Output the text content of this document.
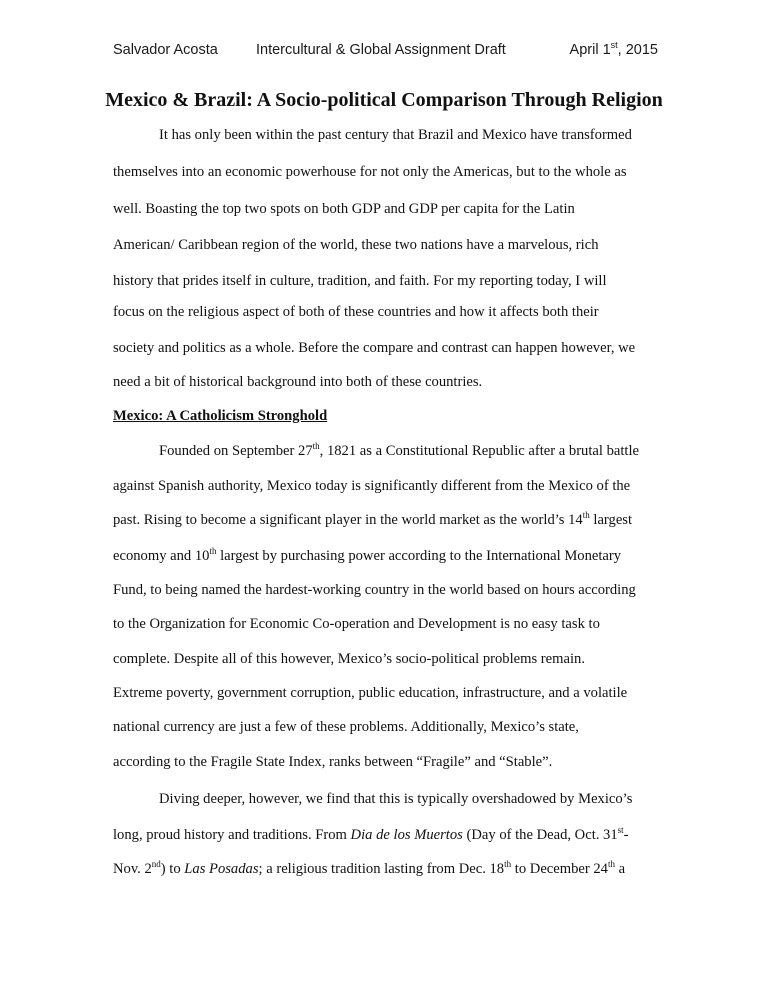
Salvador Acosta	Intercultural & Global Assignment Draft	April 1st, 2015
Mexico & Brazil: A Socio-political Comparison Through Religion
It has only been within the past century that Brazil and Mexico have transformed
themselves into an economic powerhouse for not only the Americas, but to the whole as
well. Boasting the top two spots on both GDP and GDP per capita for the Latin
American/ Caribbean region of the world, these two nations have a marvelous, rich
history that prides itself in culture, tradition, and faith. For my reporting today, I will
focus on the religious aspect of both of these countries and how it affects both their
society and politics as a whole. Before the compare and contrast can happen however, we
need a bit of historical background into both of these countries.
Mexico: A Catholicism Stronghold
Founded on September 27th, 1821 as a Constitutional Republic after a brutal battle
against Spanish authority, Mexico today is significantly different from the Mexico of the
past. Rising to become a significant player in the world market as the world’s 14th largest
economy and 10th largest by purchasing power according to the International Monetary
Fund, to being named the hardest-working country in the world based on hours according
to the Organization for Economic Co-operation and Development is no easy task to
complete. Despite all of this however, Mexico’s socio-political problems remain.
Extreme poverty, government corruption, public education, infrastructure, and a volatile
national currency are just a few of these problems. Additionally, Mexico’s state,
according to the Fragile State Index, ranks between “Fragile” and “Stable”.
Diving deeper, however, we find that this is typically overshadowed by Mexico’s
long, proud history and traditions. From Dia de los Muertos (Day of the Dead, Oct. 31st-
Nov. 2nd) to Las Posadas; a religious tradition lasting from Dec. 18th to December 24th a
